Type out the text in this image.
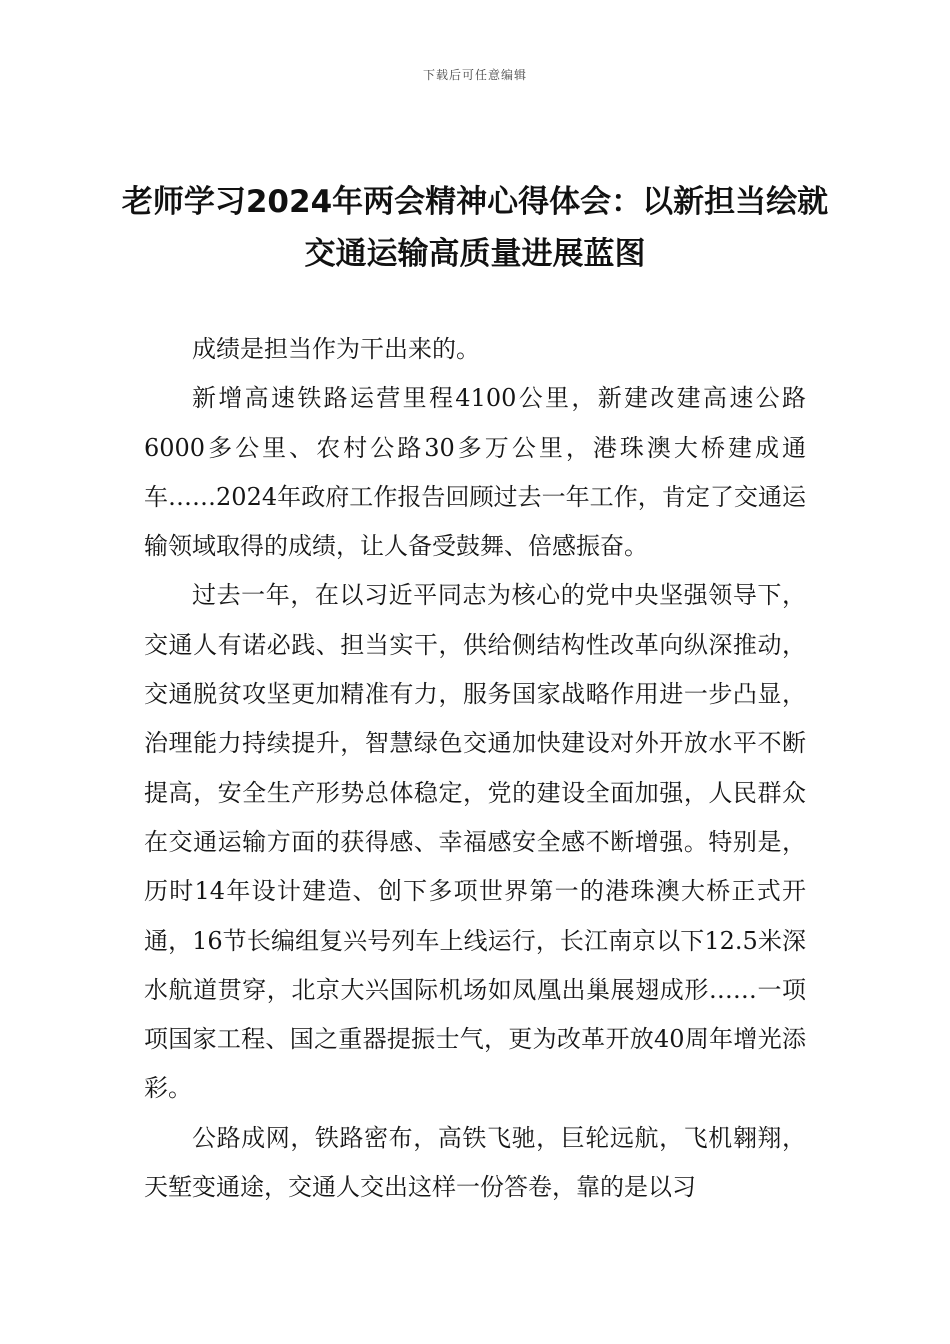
下载后可任意编辑
老师学习2024年两会精神心得体会：以新担当绘就交通运输高质量进展蓝图

成绩是担当作为干出来的。

新增高速铁路运营里程4100公里，新建改建高速公路6000多公里、农村公路30多万公里，港珠澳大桥建成通车……2024年政府工作报告回顾过去一年工作，肯定了交通运输领域取得的成绩，让人备受鼓舞、倍感振奋。

过去一年，在以习近平同志为核心的党中央坚强领导下，交通人有诺必践、担当实干，供给侧结构性改革向纵深推动，交通脱贫攻坚更加精准有力，服务国家战略作用进一步凸显，治理能力持续提升，智慧绿色交通加快建设对外开放水平不断提高，安全生产形势总体稳定，党的建设全面加强，人民群众在交通运输方面的获得感、幸福感安全感不断增强。特别是，历时14年设计建造、创下多项世界第一的港珠澳大桥正式开通，16节长编组复兴号列车上线运行，长江南京以下12.5米深水航道贯穿，北京大兴国际机场如凤凰出巢展翅成形……一项项国家工程、国之重器提振士气，更为改革开放40周年增光添彩。

公路成网，铁路密布，高铁飞驰，巨轮远航，飞机翱翔，天堑变通途，交通人交出这样一份答卷，靠的是以习
